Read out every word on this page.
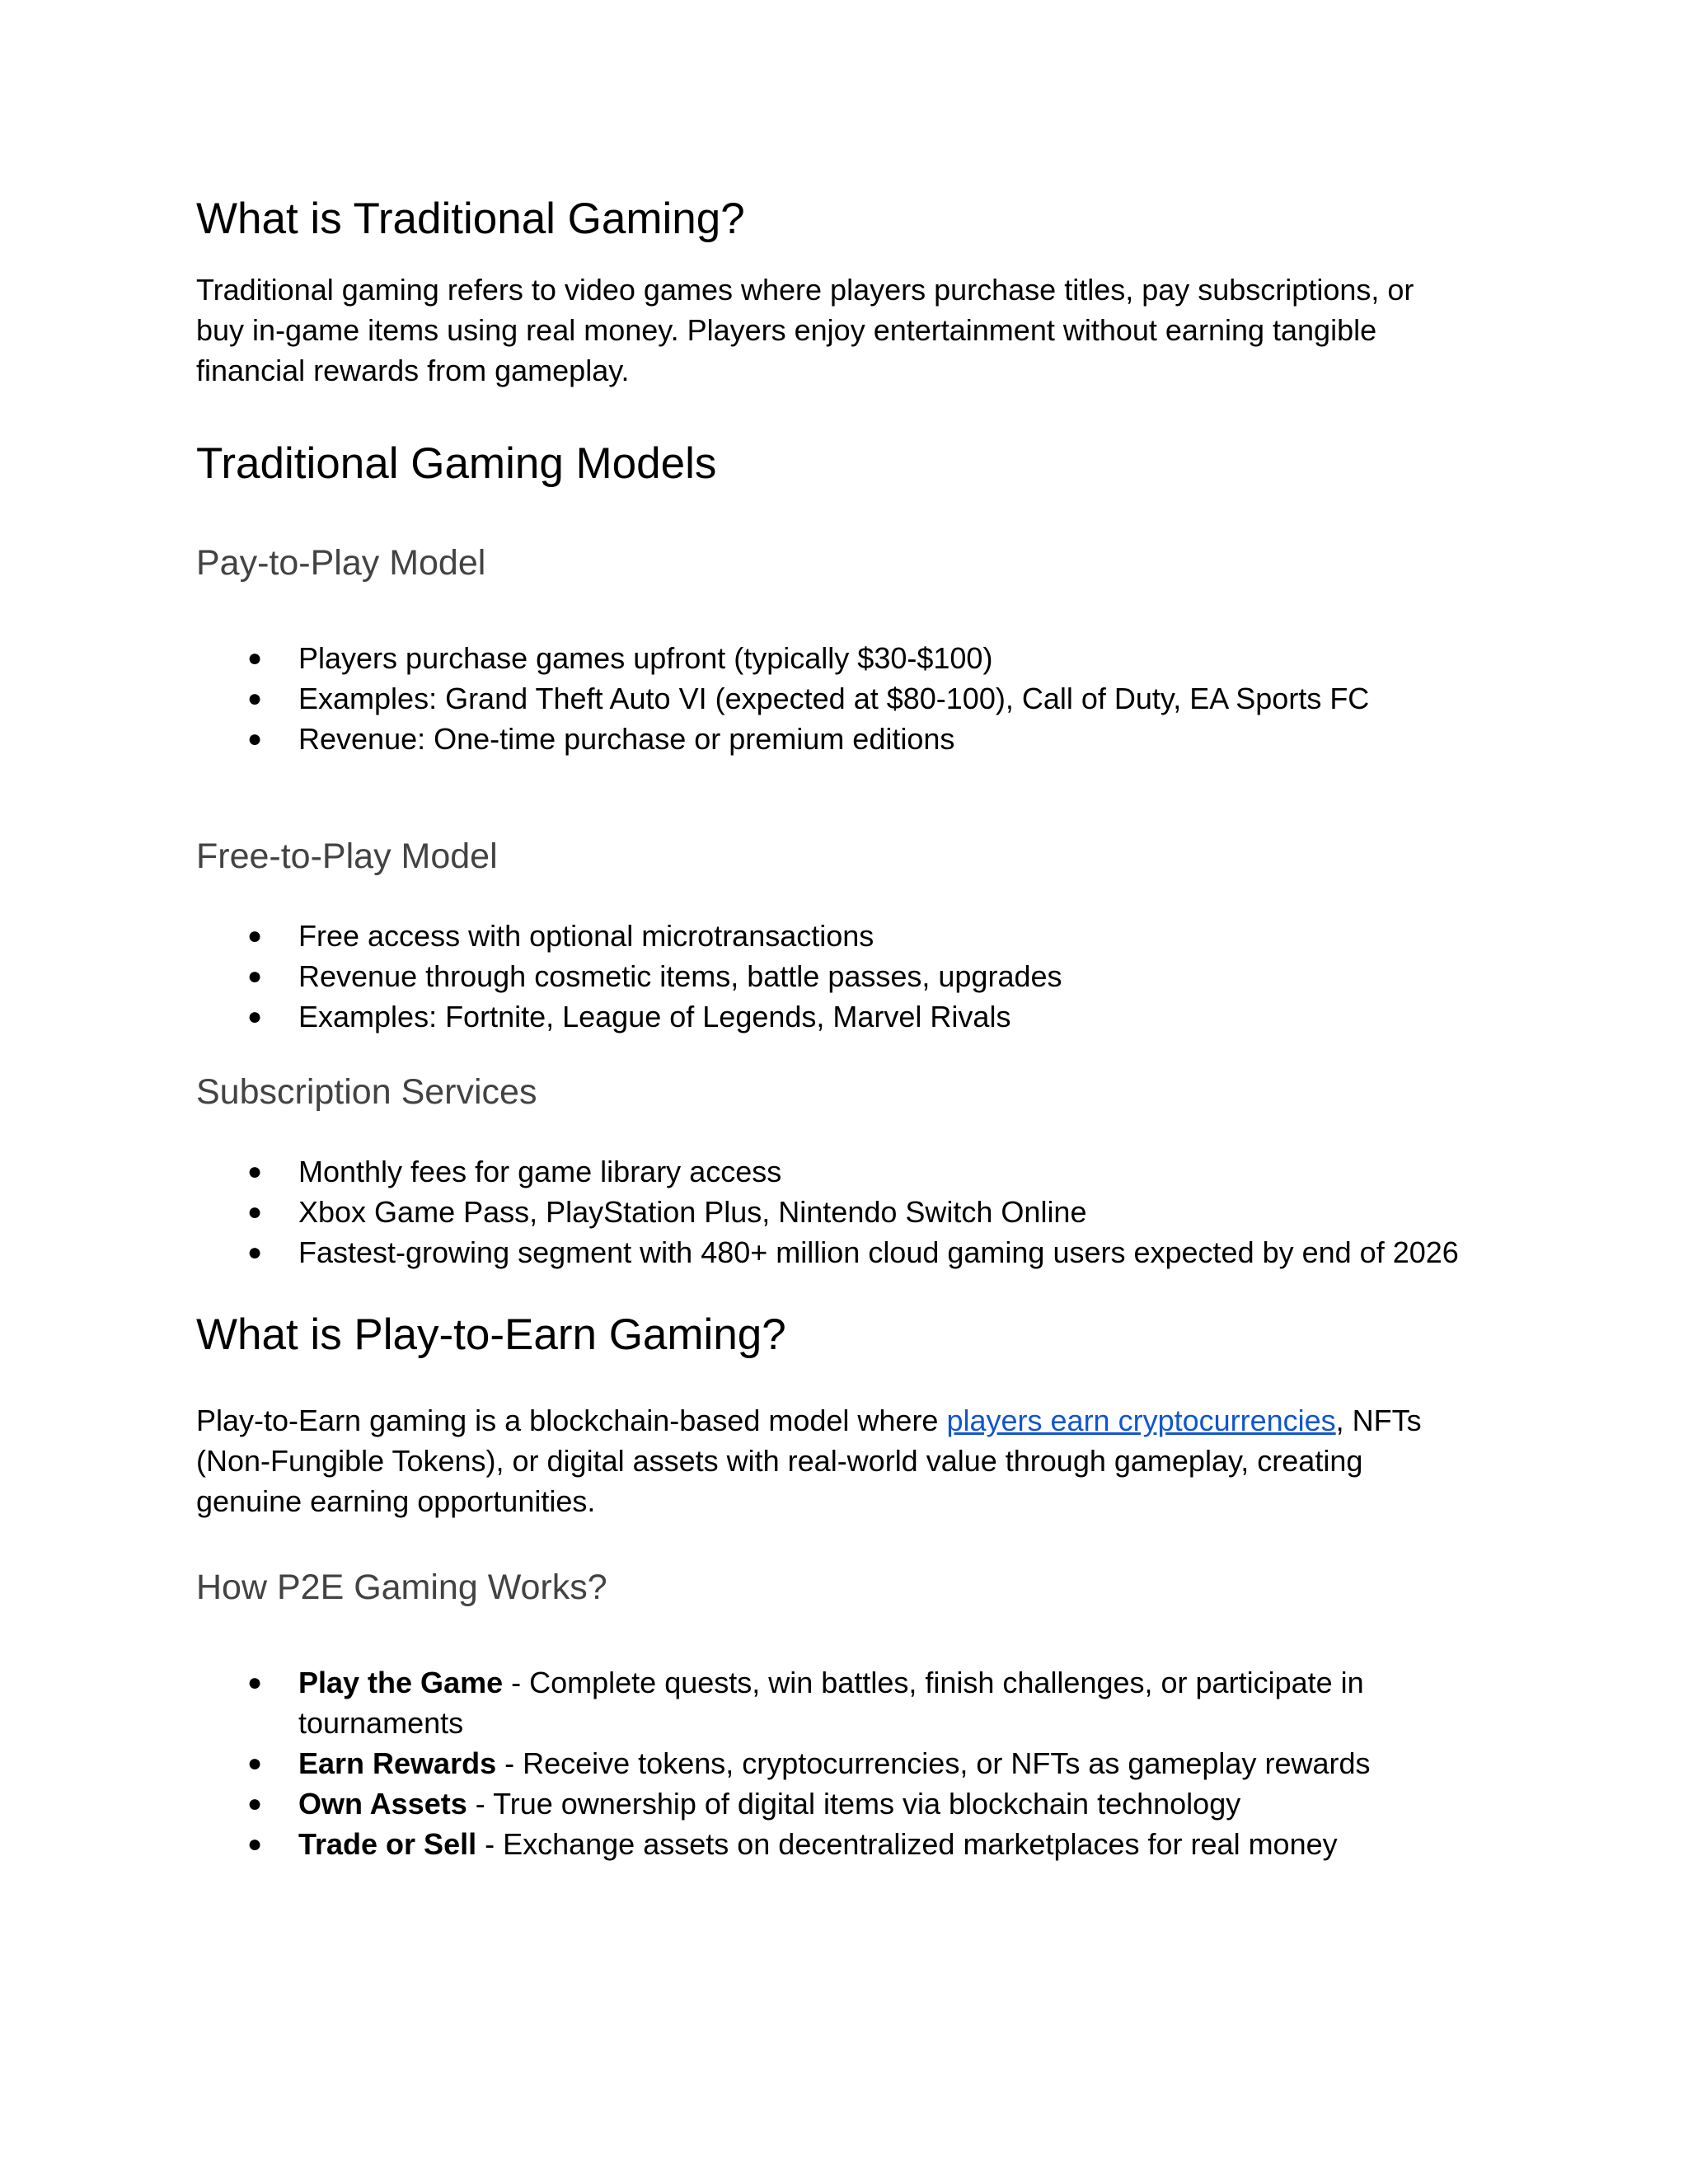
What is Traditional Gaming?

Traditional gaming refers to video games where players purchase titles, pay subscriptions, or

buy in-game items using real money. Players enjoy entertainment without earning tangible

financial rewards from gameplay.

Traditional Gaming Models
Pay-to-Play Model
● Players purchase games upfront (typically $30-$100)
● Examples: Grand Theft Auto VI (expected at $80-100), Call of Duty, EA Sports FC
● Revenue: One-time purchase or premium editions
Free-to-Play Model
● Free access with optional microtransactions
● Revenue through cosmetic items, battle passes, upgrades
● Examples: Fortnite, League of Legends, Marvel Rivals
Subscription Services
● Monthly fees for game library access
● Xbox Game Pass, PlayStation Plus, Nintendo Switch Online
● Fastest-growing segment with 480+ million cloud gaming users expected by end of 2026
What is Play-to-Earn Gaming?

Play-to-Earn gaming is a blockchain-based model where players earn cryptocurrencies, NFTs

(Non-Fungible Tokens), or digital assets with real-world value through gameplay, creating

genuine earning opportunities.

How P2E Gaming Works?
● Play the Game - Complete quests, win battles, finish challenges, or participate in
tournaments
● Earn Rewards - Receive tokens, cryptocurrencies, or NFTs as gameplay rewards
● Own Assets - True ownership of digital items via blockchain technology
● Trade or Sell - Exchange assets on decentralized marketplaces for real money
